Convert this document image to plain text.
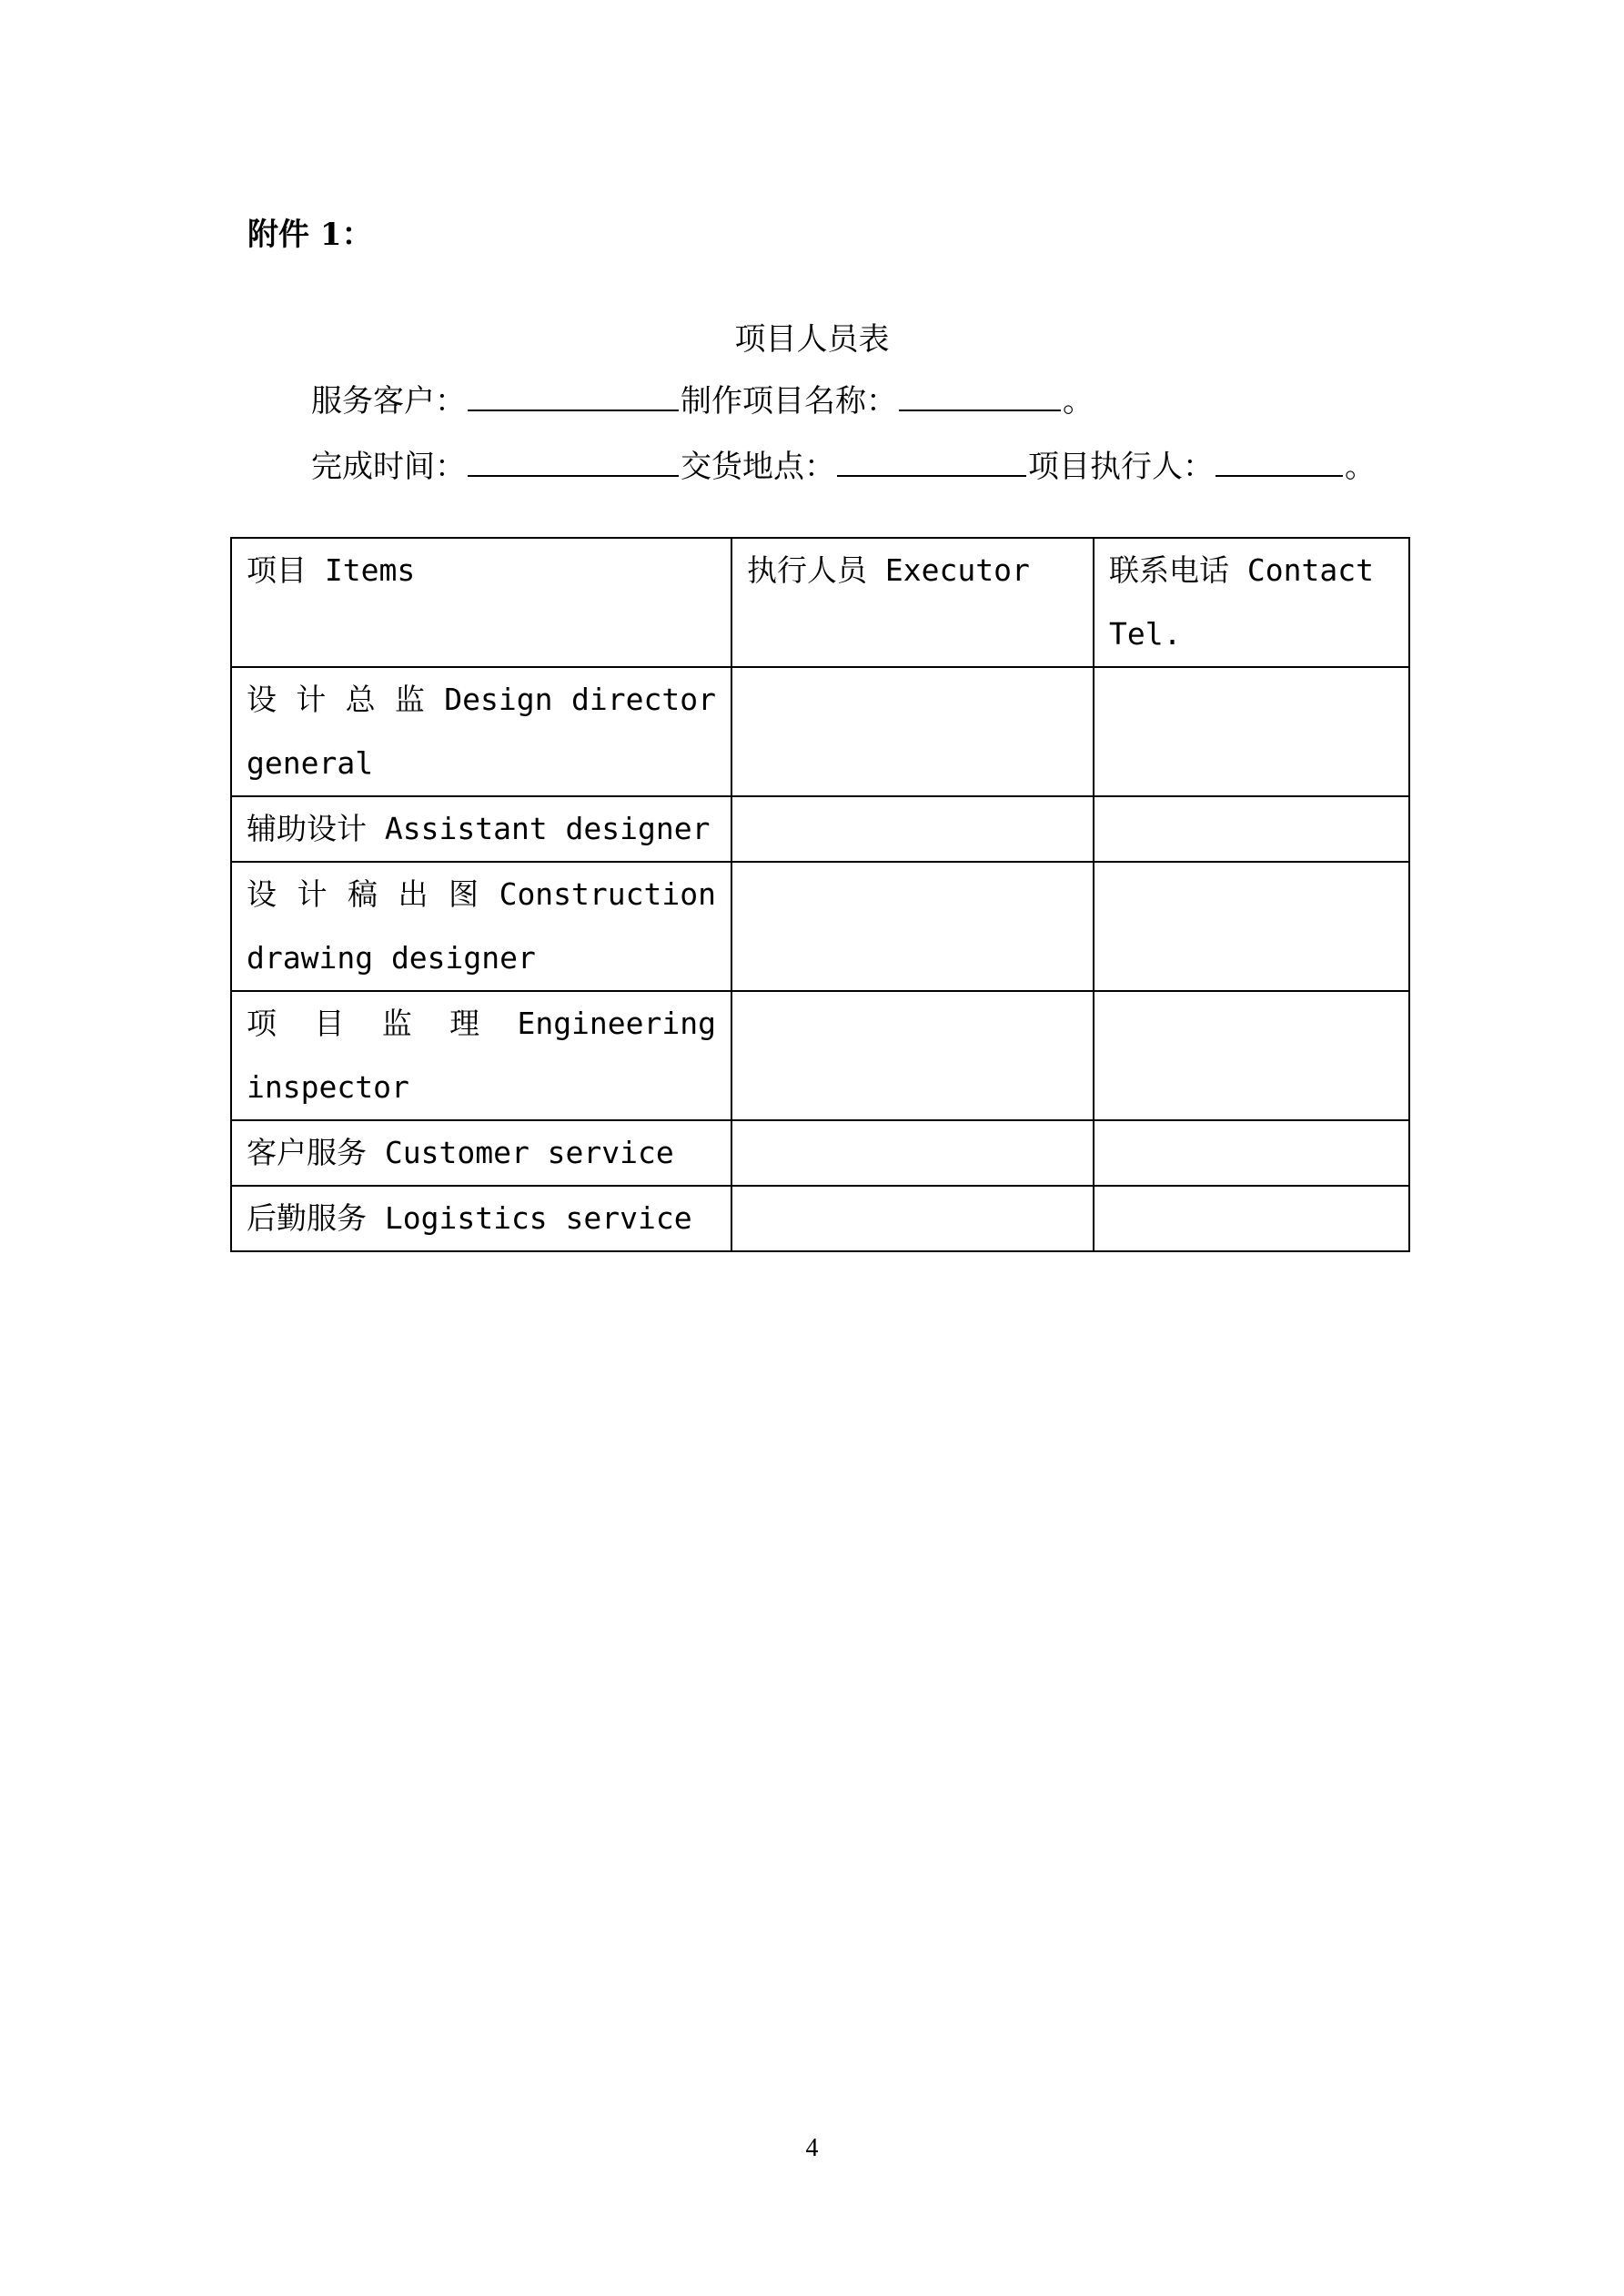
附件 1：
项目人员表
服务客户：	制作项目名称：	。
完成时间：	交货地点：	项目执行人：	。
项目 Items	执行人员 Executor	联系电话 Contact Tel.
设 计 总 监 Design director general		
辅助设计 Assistant designer		
设 计 稿 出 图 Construction drawing designer		
项 目 监 理 Engineering inspector		
客户服务 Customer service		
后勤服务 Logistics service		
4
